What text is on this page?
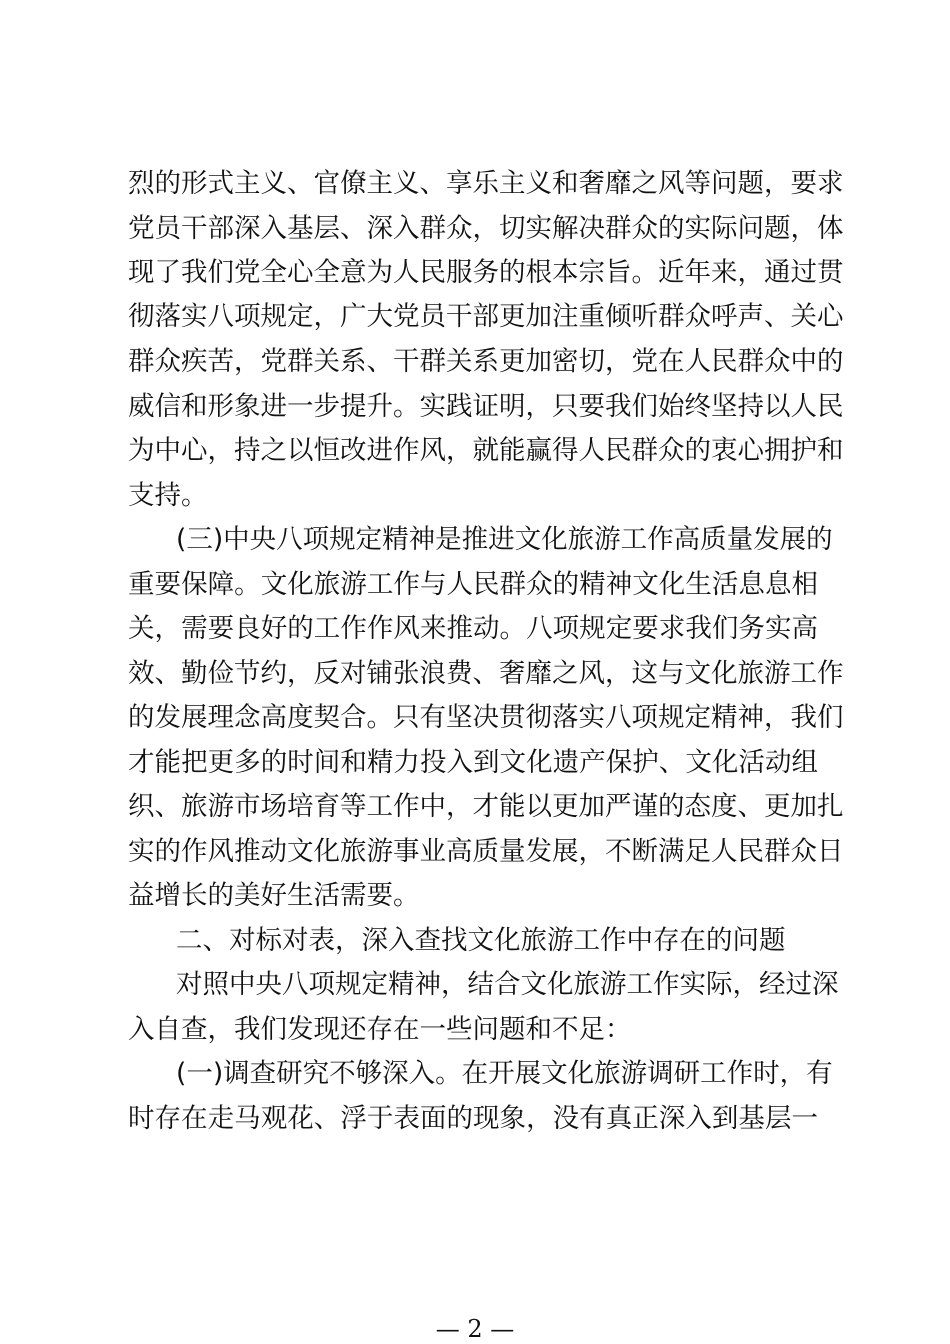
烈的形式主义、官僚主义、享乐主义和奢靡之风等问题，要求
党员干部深入基层、深入群众，切实解决群众的实际问题，体
现了我们党全心全意为人民服务的根本宗旨。近年来，通过贯
彻落实八项规定，广大党员干部更加注重倾听群众呼声、关心
群众疾苦，党群关系、干群关系更加密切，党在人民群众中的
威信和形象进一步提升。实践证明，只要我们始终坚持以人民
为中心，持之以恒改进作风，就能赢得人民群众的衷心拥护和
支持。
(三)中央八项规定精神是推进文化旅游工作高质量发展的
重要保障。文化旅游工作与人民群众的精神文化生活息息相
关，需要良好的工作作风来推动。八项规定要求我们务实高
效、勤俭节约，反对铺张浪费、奢靡之风，这与文化旅游工作
的发展理念高度契合。只有坚决贯彻落实八项规定精神，我们
才能把更多的时间和精力投入到文化遗产保护、文化活动组
织、旅游市场培育等工作中，才能以更加严谨的态度、更加扎
实的作风推动文化旅游事业高质量发展，不断满足人民群众日
益增长的美好生活需要。
二、对标对表，深入查找文化旅游工作中存在的问题
对照中央八项规定精神，结合文化旅游工作实际，经过深
入自查，我们发现还存在一些问题和不足：
(一)调查研究不够深入。在开展文化旅游调研工作时，有
时存在走马观花、浮于表面的现象，没有真正深入到基层一
— 2 —
